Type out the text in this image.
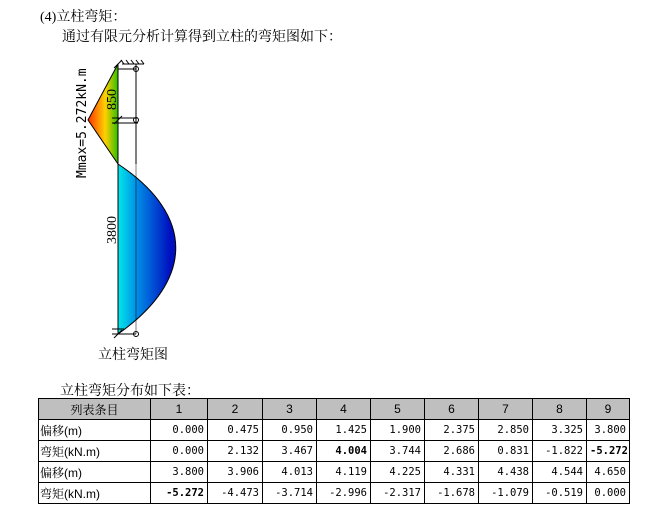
(4)立柱弯矩：
通过有限元分析计算得到立柱的弯矩图如下：
Mmax=5.272kN.m 850
3800
立柱弯矩图
立柱弯矩分布如下表：
列表条目	1	2	3	4	5	6	7	8	9
偏移(m)	0.000	0.475	0.950	1.425	1.900	2.375	2.850	3.325	3.800
弯矩(kN.m)	0.000	2.132	3.467	4.004	3.744	2.686	0.831	-1.822	-5.272
偏移(m)	3.800	3.906	4.013	4.119	4.225	4.331	4.438	4.544	4.650
弯矩(kN.m)	-5.272	-4.473	-3.714	-2.996	-2.317	-1.678	-1.079	-0.519	0.000
